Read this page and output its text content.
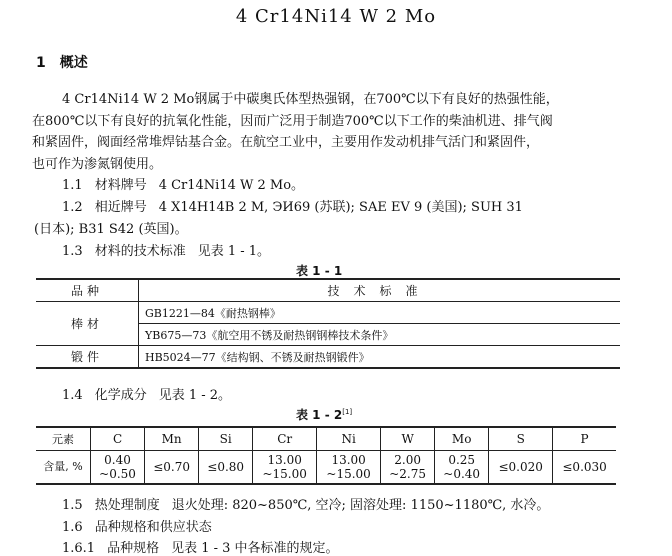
4 Cr14Ni14 W 2 Mo
1 概述
4 Cr14Ni14 W 2 Mo钢属于中碳奥氏体型热强钢，在700℃以下有良好的热强性能，
在800℃以下有良好的抗氧化性能，因而广泛用于制造700℃以下工作的柴油机进、排气阀
和紧固件，阀面经常堆焊钴基合金。在航空工业中，主要用作发动机排气活门和紧固件，
也可作为渗氮钢使用。
1.1 材料牌号 4 Cr14Ni14 W 2 Mo。
1.2 相近牌号 4 X14H14B 2 M, ЭИ69 (苏联); SAE EV 9 (美国); SUH 31
(日本); B31 S42 (英国)。
1.3 材料的技术标准 见表 1 - 1。
表 1 - 1
品种	技术标准
棒材	GB1221—84《耐热钢棒》
	YB675—73《航空用不锈及耐热钢钢棒技术条件》
锻件	HB5024—77《结构钢、不锈及耐热钢锻件》
1.4 化学成分 见表 1 - 2。
表 1 - 2[1]
元素	C	Mn	Si	Cr	Ni	W	Mo	S	P
含量, %	0.40
~0.50	≤0.70	≤0.80	13.00
~15.00	13.00
~15.00	2.00
~2.75	0.25
~0.40	≤0.020	≤0.030
1.5 热处理制度 退火处理: 820~850℃, 空冷; 固溶处理: 1150~1180℃, 水冷。
1.6 品种规格和供应状态
1.6.1 品种规格 见表 1 - 3 中各标准的规定。
